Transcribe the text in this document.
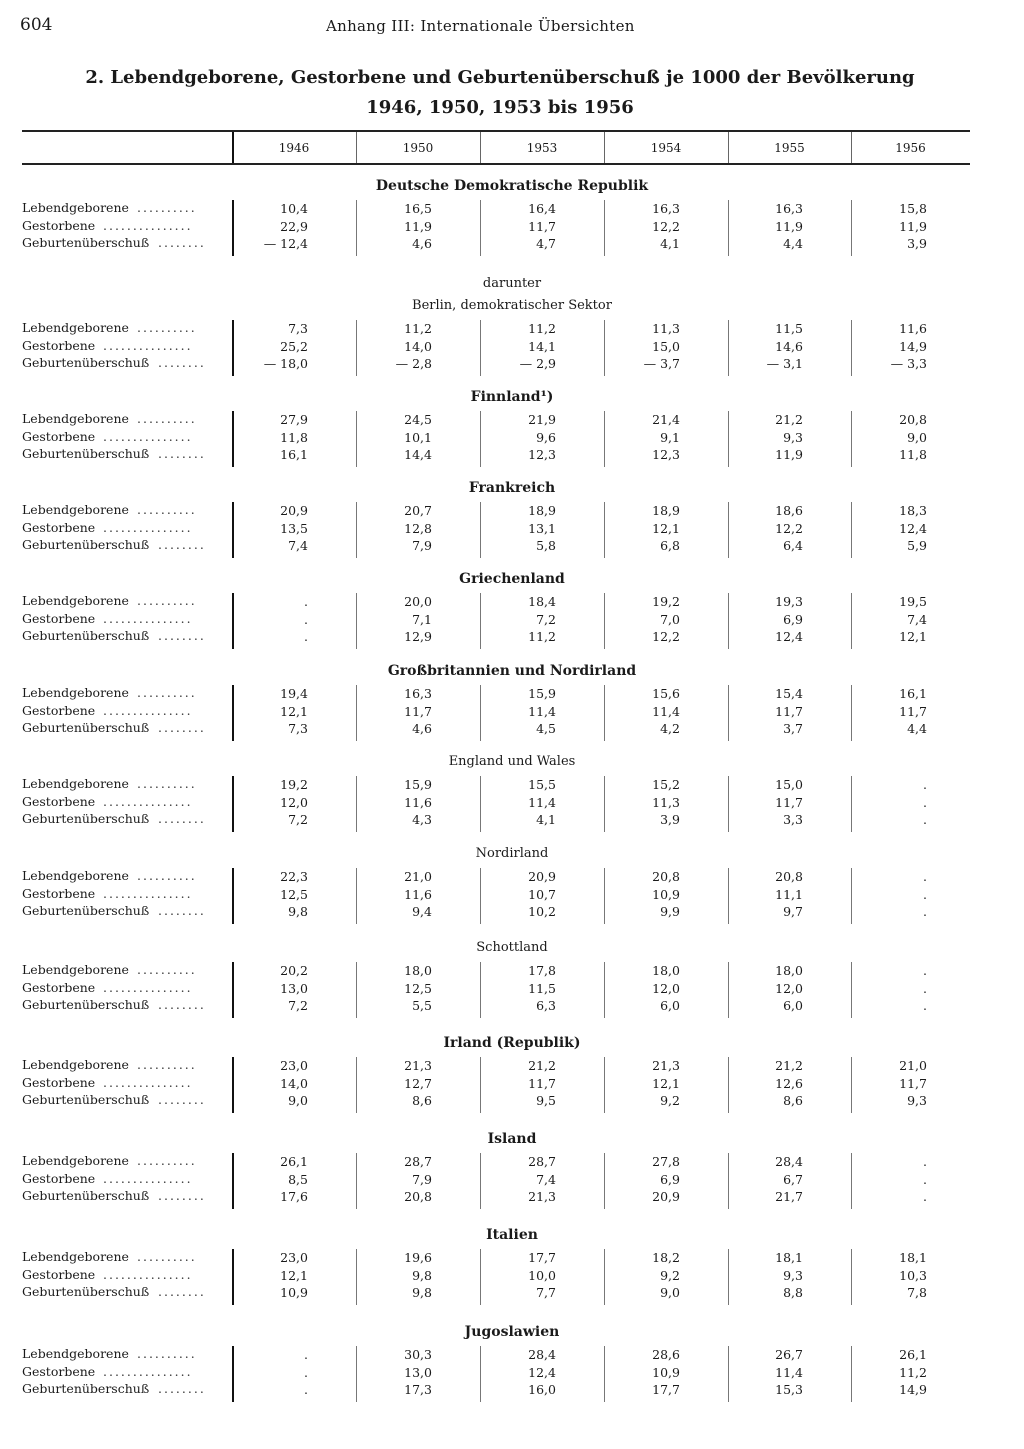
604	Anhang III: Internationale Übersichten
2. Lebendgeborene, Gestorbene und Geburtenüberschuß je 1000 der Bevölkerung
1946, 1950, 1953 bis 1956
1946	1950	1953	1954	1955	1956
Deutsche Demokratische Republik
Lebendgeborene ..........	10,4	16,5	16,4	16,3	16,3	15,8
Gestorbene ...............	22,9	11,9	11,7	12,2	11,9	11,9
Geburtenüberschuß ........	— 12,4	4,6	4,7	4,1	4,4	3,9
darunter
Berlin, demokratischer Sektor
Lebendgeborene ..........	7,3	11,2	11,2	11,3	11,5	11,6
Gestorbene ...............	25,2	14,0	14,1	15,0	14,6	14,9
Geburtenüberschuß ........	— 18,0	— 2,8	— 2,9	— 3,7	— 3,1	— 3,3
Finnland¹)
Lebendgeborene ..........	27,9	24,5	21,9	21,4	21,2	20,8
Gestorbene ...............	11,8	10,1	9,6	9,1	9,3	9,0
Geburtenüberschuß ........	16,1	14,4	12,3	12,3	11,9	11,8
Frankreich
Lebendgeborene ..........	20,9	20,7	18,9	18,9	18,6	18,3
Gestorbene ...............	13,5	12,8	13,1	12,1	12,2	12,4
Geburtenüberschuß ........	7,4	7,9	5,8	6,8	6,4	5,9
Griechenland
Lebendgeborene ..........	.	20,0	18,4	19,2	19,3	19,5
Gestorbene ...............	.	7,1	7,2	7,0	6,9	7,4
Geburtenüberschuß ........	.	12,9	11,2	12,2	12,4	12,1
Großbritannien und Nordirland
Lebendgeborene ..........	19,4	16,3	15,9	15,6	15,4	16,1
Gestorbene ...............	12,1	11,7	11,4	11,4	11,7	11,7
Geburtenüberschuß ........	7,3	4,6	4,5	4,2	3,7	4,4
England und Wales
Lebendgeborene ..........	19,2	15,9	15,5	15,2	15,0	.
Gestorbene ...............	12,0	11,6	11,4	11,3	11,7	.
Geburtenüberschuß ........	7,2	4,3	4,1	3,9	3,3	.
Nordirland
Lebendgeborene ..........	22,3	21,0	20,9	20,8	20,8	.
Gestorbene ...............	12,5	11,6	10,7	10,9	11,1	.
Geburtenüberschuß ........	9,8	9,4	10,2	9,9	9,7	.
Schottland
Lebendgeborene ..........	20,2	18,0	17,8	18,0	18,0	.
Gestorbene ...............	13,0	12,5	11,5	12,0	12,0	.
Geburtenüberschuß ........	7,2	5,5	6,3	6,0	6,0	.
Irland (Republik)
Lebendgeborene ..........	23,0	21,3	21,2	21,3	21,2	21,0
Gestorbene ...............	14,0	12,7	11,7	12,1	12,6	11,7
Geburtenüberschuß ........	9,0	8,6	9,5	9,2	8,6	9,3
Island
Lebendgeborene ..........	26,1	28,7	28,7	27,8	28,4	.
Gestorbene ...............	8,5	7,9	7,4	6,9	6,7	.
Geburtenüberschuß ........	17,6	20,8	21,3	20,9	21,7	.
Italien
Lebendgeborene ..........	23,0	19,6	17,7	18,2	18,1	18,1
Gestorbene ...............	12,1	9,8	10,0	9,2	9,3	10,3
Geburtenüberschuß ........	10,9	9,8	7,7	9,0	8,8	7,8
Jugoslawien
Lebendgeborene ..........	.	30,3	28,4	28,6	26,7	26,1
Gestorbene ...............	.	13,0	12,4	10,9	11,4	11,2
Geburtenüberschuß ........	.	17,3	16,0	17,7	15,3	14,9
